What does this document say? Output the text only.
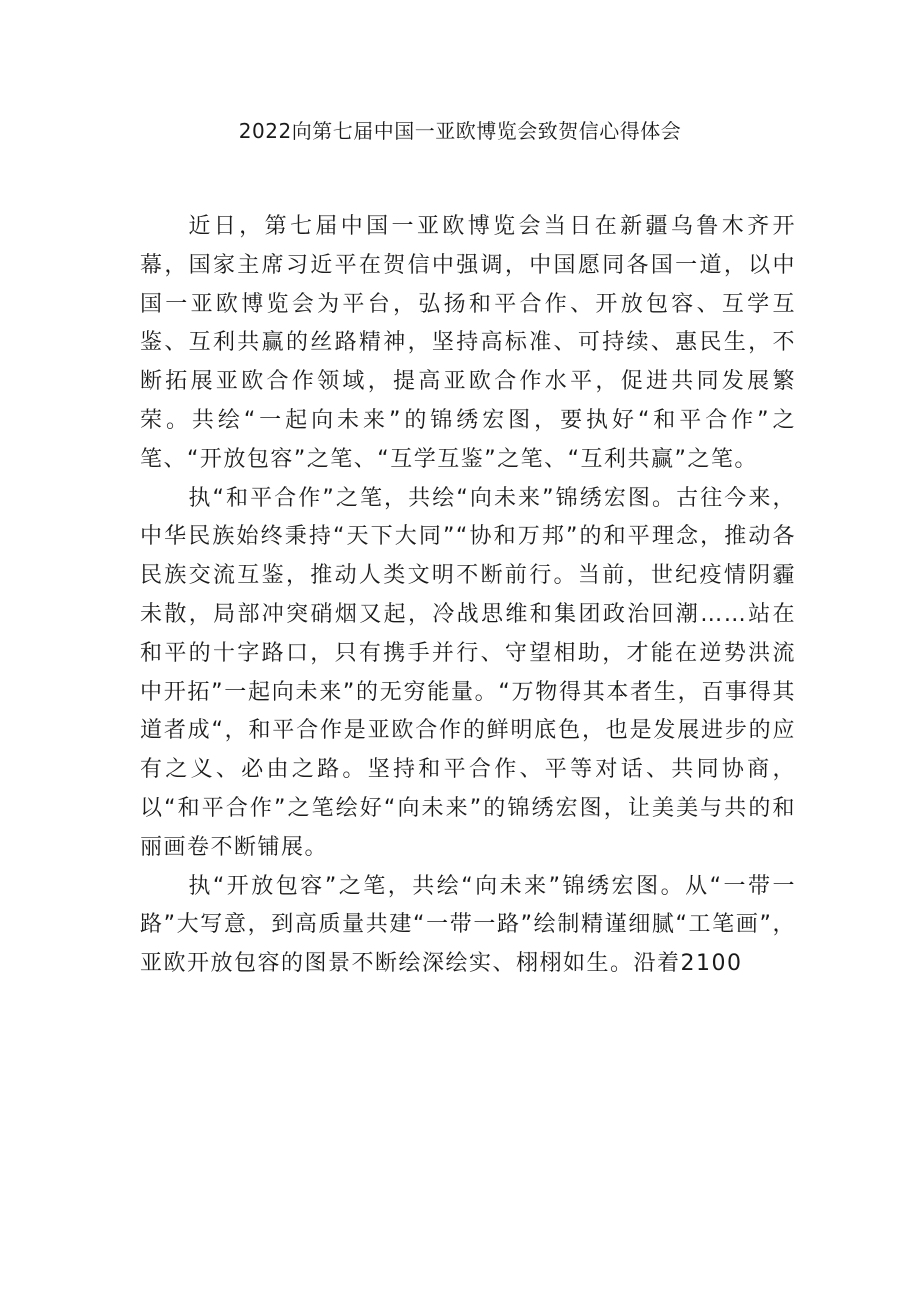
2022向第七届中国一亚欧博览会致贺信心得体会

近日，第七届中国一亚欧博览会当日在新疆乌鲁木齐开幕，国家主席习近平在贺信中强调，中国愿同各国一道，以中国一亚欧博览会为平台，弘扬和平合作、开放包容、互学互鉴、互利共赢的丝路精神，坚持高标准、可持续、惠民生，不断拓展亚欧合作领域，提高亚欧合作水平，促进共同发展繁荣。共绘“一起向未来”的锦绣宏图，要执好“和平合作”之笔、“开放包容”之笔、“互学互鉴”之笔、“互利共赢”之笔。

执“和平合作”之笔，共绘“向未来”锦绣宏图。古往今来，中华民族始终秉持“天下大同”“协和万邦”的和平理念，推动各民族交流互鉴，推动人类文明不断前行。当前，世纪疫情阴霾未散，局部冲突硝烟又起，冷战思维和集团政治回潮……站在和平的十字路口，只有携手并行、守望相助，才能在逆势洪流中开拓”一起向未来”的无穷能量。“万物得其本者生，百事得其道者成“，和平合作是亚欧合作的鲜明底色，也是发展进步的应有之义、必由之路。坚持和平合作、平等对话、共同协商，以“和平合作”之笔绘好“向未来”的锦绣宏图，让美美与共的和丽画卷不断铺展。

执“开放包容”之笔，共绘“向未来”锦绣宏图。从“一带一路”大写意，到高质量共建“一带一路”绘制精谨细腻“工笔画”，亚欧开放包容的图景不断绘深绘实、栩栩如生。沿着2100
